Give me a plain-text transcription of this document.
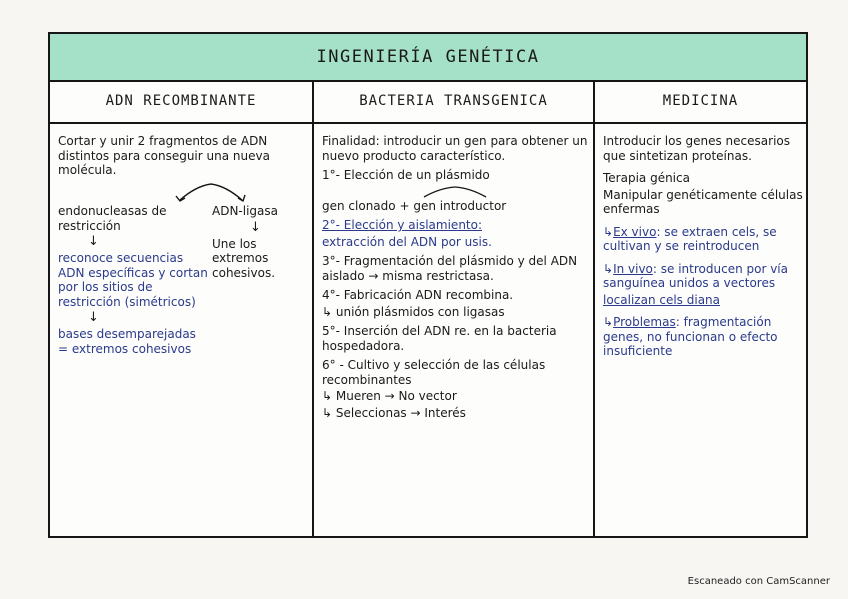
INGENIERÍA GENÉTICA
ADN RECOMBINANTE

Cortar y unir 2 fragmentos de ADN distintos para conseguir una nueva molécula.

endonucleasas de restricción

↓

reconoce secuencias ADN específicas y cortan por los sitios de restricción (simétricos)

↓

bases desemparejadas = extremos cohesivos

ADN-ligasa

↓

Une los extremos cohesivos.

BACTERIA TRANSGENICA

Finalidad: introducir un gen para obtener un nuevo producto característico.

1°- Elección de un plásmido

gen clonado + gen introductor

2°- Elección y aislamiento:

extracción del ADN por usis.

3°- Fragmentación del plásmido y del ADN aislado → misma restrictasa.

4°- Fabricación ADN recombina.

↳ unión plásmidos con ligasas

5°- Inserción del ADN re. en la bacteria hospedadora.

6° - Cultivo y selección de las células recombinantes

↳ Mueren → No vector

↳ Seleccionas → Interés

MEDICINA

Introducir los genes necesarios que sintetizan proteínas.

Terapia génica

Manipular genéticamente células enfermas

↳Ex vivo: se extraen cels, se cultivan y se reintroducen

↳In vivo: se introducen por vía sanguínea unidos a vectores

localizan cels diana

↳Problemas: fragmentación genes, no funcionan o efecto insuficiente

Escaneado con CamScanner
